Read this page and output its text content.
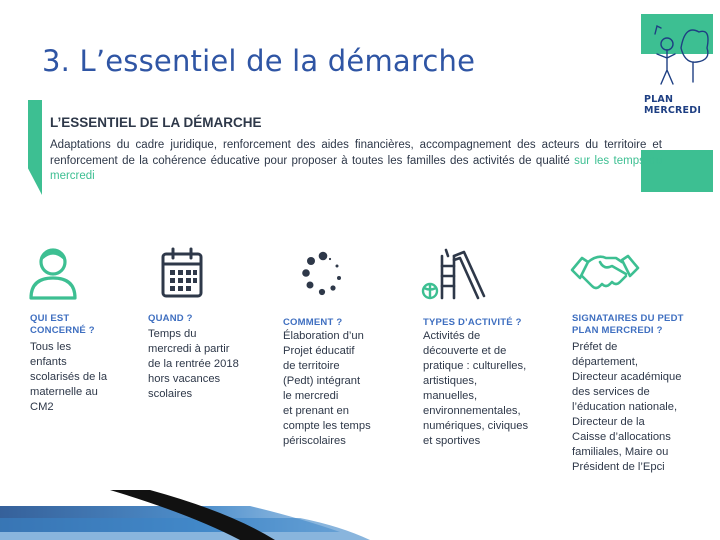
3. L’essentiel de la démarche
PLAN
MERCREDI
L’ESSENTIEL DE LA DÉMARCHE
Adaptations du cadre juridique, renforcement des aides financières, accompagnement des acteurs du territoire et renforcement de la cohérence éducative pour proposer à toutes les familles des activités de qualité sur les temps du mercredi
QUI EST
CONCERNÉ ?
QUAND ?	COMMENT ?	TYPES D’ACTIVITÉ ?	SIGNATAIRES DU PEDT
PLAN MERCREDI ?
Tous les
enfants
scolarisés de la
maternelle au
CM2
Temps du
mercredi à partir
de la rentrée 2018
hors vacances
scolaires
Élaboration d’un
Projet éducatif
de territoire
(Pedt) intégrant
le mercredi
et prenant en
compte les temps
périscolaires
Activités de
découverte et de
pratique : culturelles,
artistiques,
manuelles,
environnementales,
numériques, civiques
et sportives
Préfet de
département,
Directeur académique
des services de
l’éducation nationale,
Directeur de la
Caisse d’allocations
familiales, Maire ou
Président de l’Epci
